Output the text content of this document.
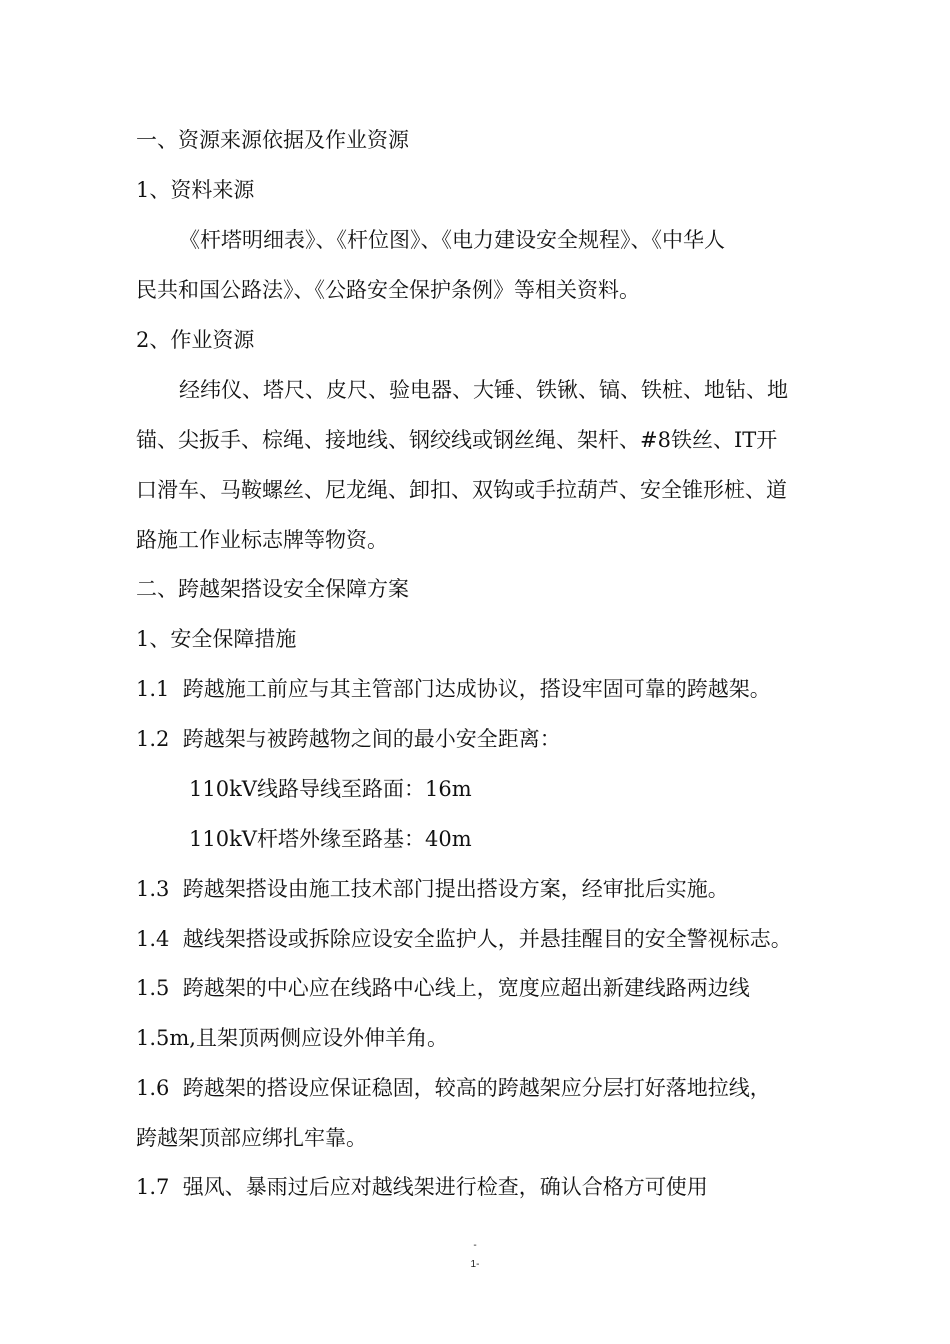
一、资源来源依据及作业资源
1、资料来源
《杆塔明细表》、《杆位图》、《电力建设安全规程》、《中华人
民共和国公路法》、《公路安全保护条例》等相关资料。
2、作业资源
经纬仪、塔尺、皮尺、验电器、大锤、铁锹、镐、铁桩、地钻、地
锚、尖扳手、棕绳、接地线、钢绞线或钢丝绳、架杆、#8铁丝、IT开
口滑车、马鞍螺丝、尼龙绳、卸扣、双钩或手拉葫芦、安全锥形桩、道
路施工作业标志牌等物资。
二、跨越架搭设安全保障方案
1、安全保障措施
1.1  跨越施工前应与其主管部门达成协议，搭设牢固可靠的跨越架。
1.2  跨越架与被跨越物之间的最小安全距离：
110kV线路导线至路面：16m
110kV杆塔外缘至路基：40m
1.3  跨越架搭设由施工技术部门提出搭设方案，经审批后实施。
1.4  越线架搭设或拆除应设安全监护人，并悬挂醒目的安全警视标志。
1.5  跨越架的中心应在线路中心线上，宽度应超出新建线路两边线
1.5m,且架顶两侧应设外伸羊角。
1.6  跨越架的搭设应保证稳固，较高的跨越架应分层打好落地拉线，
跨越架顶部应绑扎牢靠。
1.7  强风、暴雨过后应对越线架进行检查，确认合格方可使用
-
1-
